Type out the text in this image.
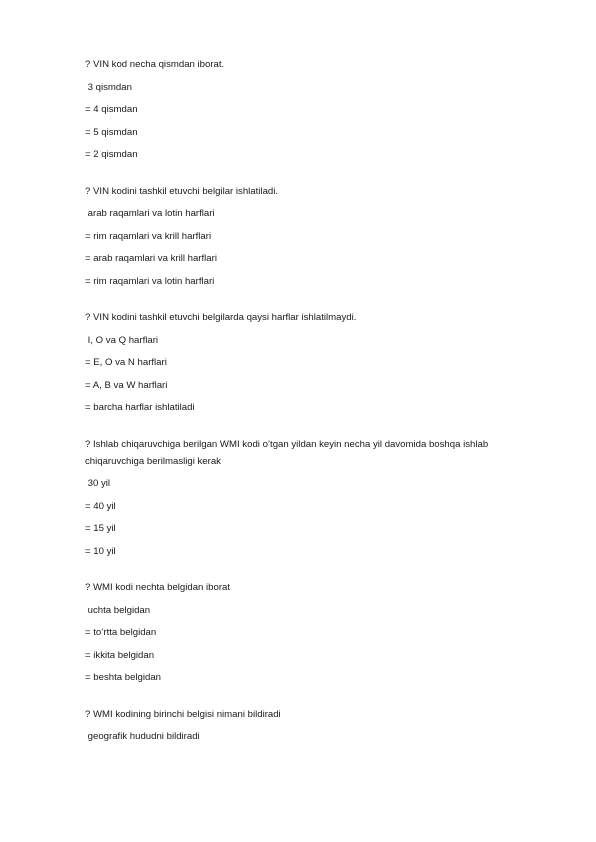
? VIN kod necha qismdan iborat.
3 qismdan
= 4 qismdan
= 5 qismdan
= 2 qismdan
? VIN kodini tashkil etuvchi belgilar ishlatiladi.
arab raqamlari va lotin harflari
= rim raqamlari va krill harflari
= arab raqamlari va krill harflari
= rim raqamlari va lotin harflari
? VIN kodini tashkil etuvchi belgilarda qaysi harflar ishlatilmaydi.
I, O va Q harflari
= E, O va N harflari
= A, B va W harflari
= barcha harflar ishlatiladi
? Ishlab chiqaruvchiga berilgan WMI kodi o’tgan yildan keyin necha yil davomida boshqa ishlab chiqaruvchiga berilmasligi kerak
30 yil
= 40 yil
= 15 yil
= 10 yil
? WMI kodi nechta belgidan iborat
uchta belgidan
= to‘rtta belgidan
= ikkita belgidan
= beshta belgidan
? WMI kodining birinchi belgisi nimani bildiradi
geografik hududni bildiradi
